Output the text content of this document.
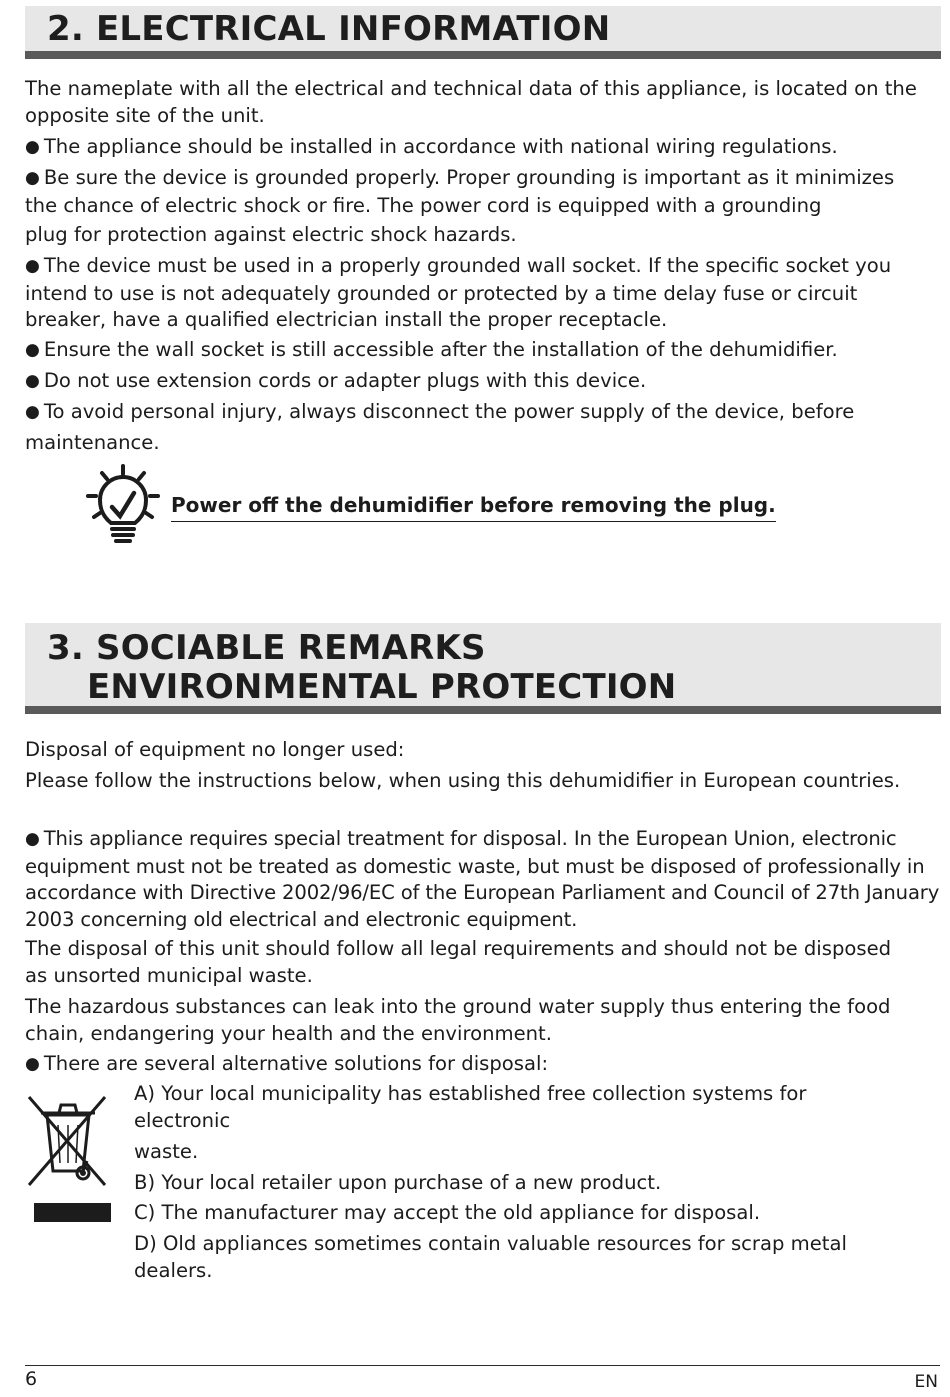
2. ELECTRICAL INFORMATION

The nameplate with all the electrical and technical data of this appliance, is located on the opposite site of the unit.

● The appliance should be installed in accordance with national wiring regulations.

● Be sure the device is grounded properly. Proper grounding is important as it minimizes the chance of electric shock or fire. The power cord is equipped with a grounding

plug for protection against electric shock hazards.

● The device must be used in a properly grounded wall socket. If the specific socket you intend to use is not adequately grounded or protected by a time delay fuse or circuit breaker, have a qualified electrician install the proper receptacle.

● Ensure the wall socket is still accessible after the installation of the dehumidifier.

● Do not use extension cords or adapter plugs with this device.

● To avoid personal injury, always disconnect the power supply of the device, before

maintenance.

Power off the dehumidifier before removing the plug.
3. SOCIABLE REMARKS
ENVIRONMENTAL PROTECTION

Disposal of equipment no longer used:

Please follow the instructions below, when using this dehumidifier in European countries.

● This appliance requires special treatment for disposal. In the European Union, electronic equipment must not be treated as domestic waste, but must be disposed of professionally in accordance with Directive 2002/96/EC of the European Parliament and Council of 27th January 2003 concerning old electrical and electronic equipment.

The disposal of this unit should follow all legal requirements and should not be disposed as unsorted municipal waste.

The hazardous substances can leak into the ground water supply thus entering the food chain, endangering your health and the environment.

● There are several alternative solutions for disposal:

A) Your local municipality has established free collection systems for electronic

waste.

B) Your local retailer upon purchase of a new product.

C) The manufacturer may accept the old appliance for disposal.

D) Old appliances sometimes contain valuable resources for scrap metal dealers.

6	EN
